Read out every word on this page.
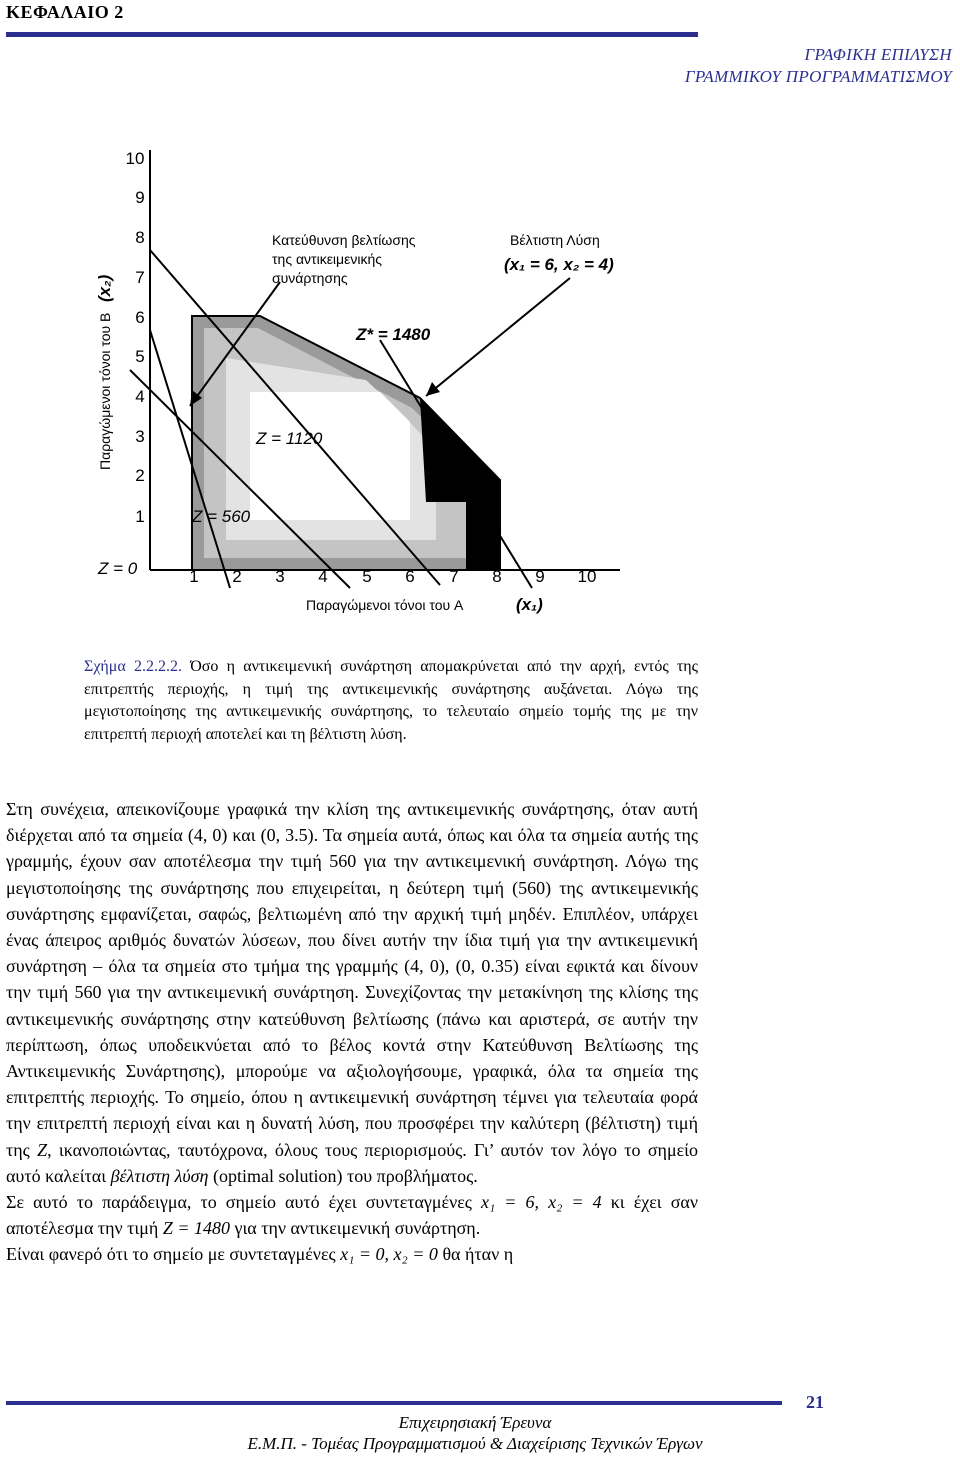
ΚΕΦΑΛΑΙΟ 2
ΓΡΑΦΙΚΗ ΕΠΙΛΥΣΗ
ΓΡΑΜΜΙΚΟΥ ΠΡΟΓΡΑΜΜΑΤΙΣΜΟΥ
1
2
3
4
5
6
7
8
9
10
1 2 3 4 5 6 7 8 9 10
Z = 0
Z = 560
Z = 1120
Z* = 1480
Κατεύθυνση βελτίωσης
της αντικειμενικής
συνάρτησης
Βέλτιστη Λύση
(x₁ = 6, x₂ = 4)
Παραγώμενοι τόνοι του A	(x₁)
Παραγώμενοι τόνοι του B
(x₂)
Σχήμα 2.2.2.2. Όσο η αντικειμενική συνάρτηση απομακρύνεται από την αρχή, εντός της επιτρεπτής περιοχής, η τιμή της αντικειμενικής συνάρτησης αυξάνεται. Λόγω της μεγιστοποίησης της αντικειμενικής συνάρτησης, το τελευταίο σημείο τομής της με την επιτρεπτή περιοχή αποτελεί και τη βέλτιστη λύση.

Στη συνέχεια, απεικονίζουμε γραφικά την κλίση της αντικειμενικής συνάρτησης, όταν αυτή διέρχεται από τα σημεία (4, 0) και (0, 3.5). Τα σημεία αυτά, όπως και όλα τα σημεία αυτής της γραμμής, έχουν σαν αποτέλεσμα την τιμή 560 για την αντικειμενική συνάρτηση. Λόγω της μεγιστοποίησης της συνάρτησης που επιχειρείται, η δεύτερη τιμή (560) της αντικειμενικής συνάρτησης εμφανίζεται, σαφώς, βελτιωμένη από την αρχική τιμή μηδέν. Επιπλέον, υπάρχει ένας άπειρος αριθμός δυνατών λύσεων, που δίνει αυτήν την ίδια τιμή για την αντικειμενική συνάρτηση – όλα τα σημεία στο τμήμα της γραμμής (4, 0), (0, 0.35) είναι εφικτά και δίνουν την τιμή 560 για την αντικειμενική συνάρτηση. Συνεχίζοντας την μετακίνηση της κλίσης της αντικειμενικής συνάρτησης στην κατεύθυνση βελτίωσης (πάνω και αριστερά, σε αυτήν την περίπτωση, όπως υποδεικνύεται από το βέλος κοντά στην Κατεύθυνση Βελτίωσης της Αντικειμενικής Συνάρτησης), μπορούμε να αξιολογήσουμε, γραφικά, όλα τα σημεία της επιτρεπτής περιοχής. Το σημείο, όπου η αντικειμενική συνάρτηση τέμνει για τελευταία φορά την επιτρεπτή περιοχή είναι και η δυνατή λύση, που προσφέρει την καλύτερη (βέλτιστη) τιμή της Z, ικανοποιώντας, ταυτόχρονα, όλους τους περιορισμούς. Γι’ αυτόν τον λόγο το σημείο αυτό καλείται βέλτιστη λύση (optimal solution) του προβλήματος.

Σε αυτό το παράδειγμα, το σημείο αυτό έχει συντεταγμένες x₁ = 6, x₂ = 4 κι έχει σαν αποτέλεσμα την τιμή Z = 1480 για την αντικειμενική συνάρτηση.

Είναι φανερό ότι το σημείο με συντεταγμένες x₁ = 0, x₂ = 0 θα ήταν η

21
Επιχειρησιακή Έρευνα
Ε.Μ.Π. - Τομέας Προγραμματισμού & Διαχείρισης Τεχνικών Έργων
